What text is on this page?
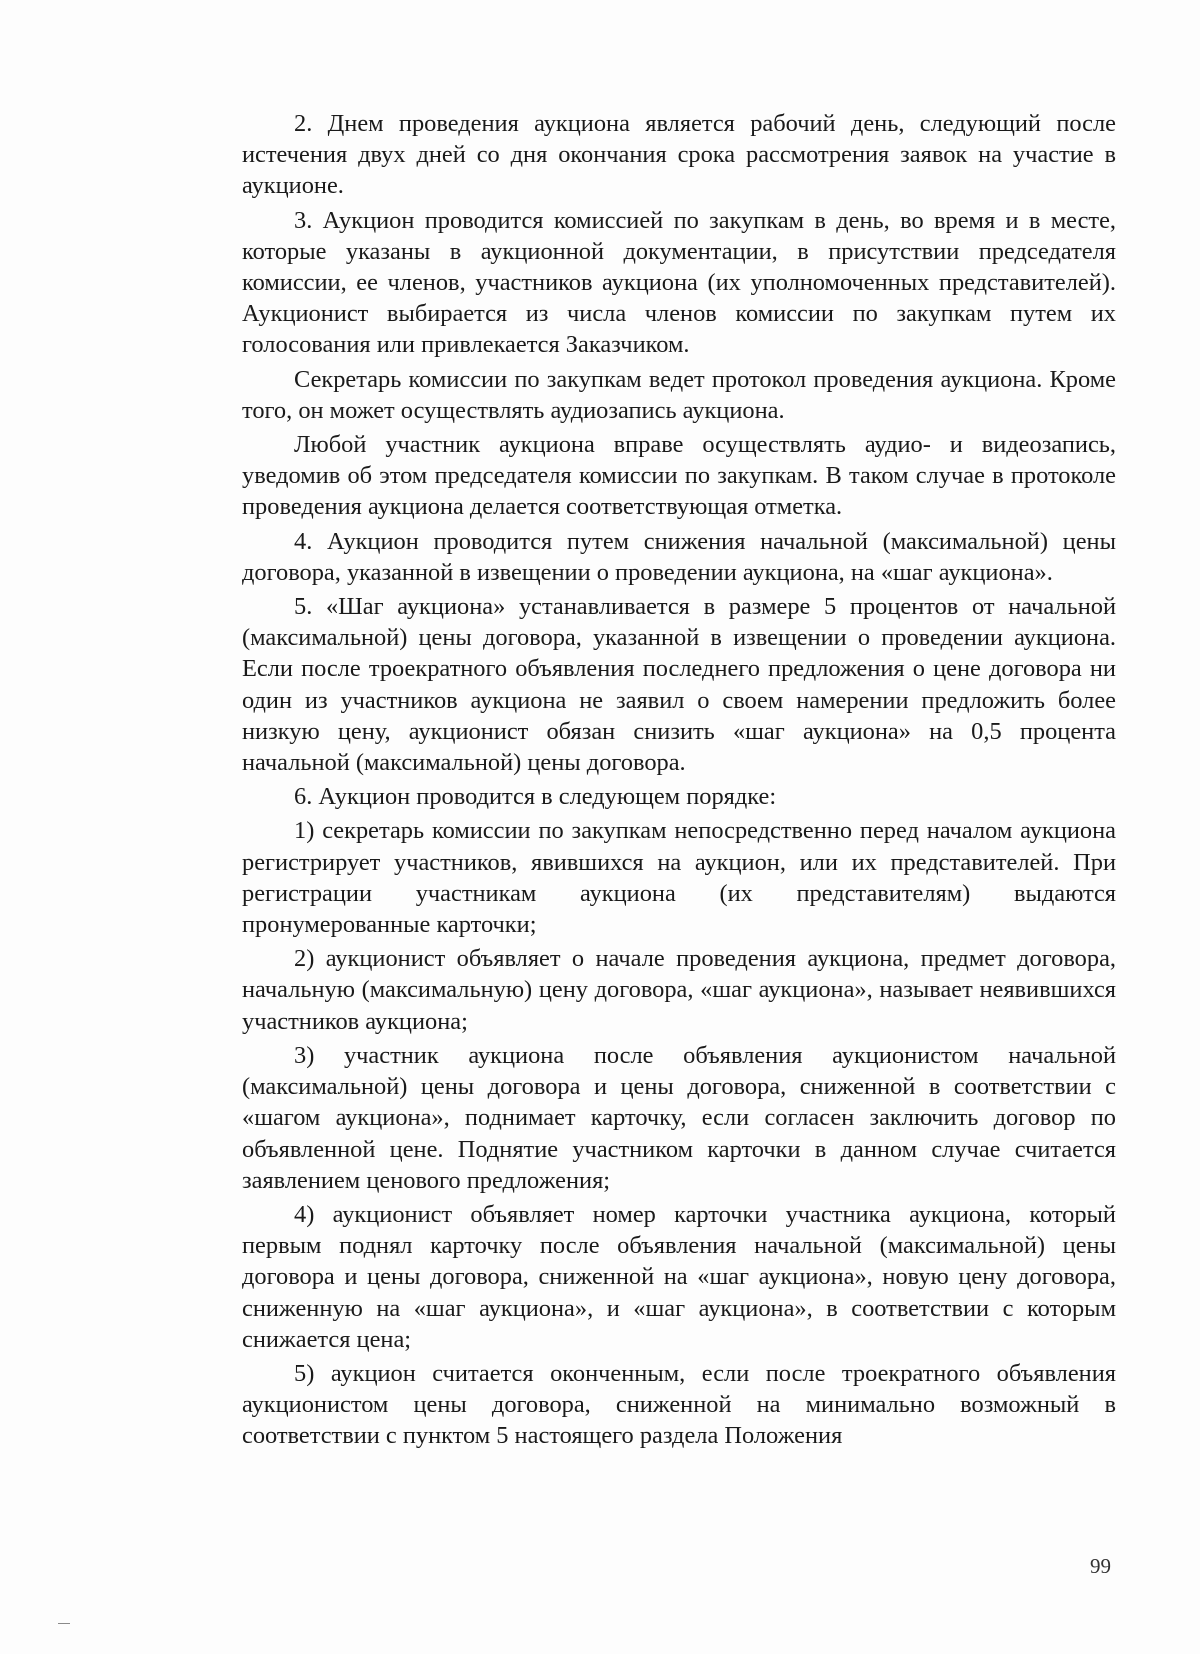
2. Днем проведения аукциона является рабочий день, следующий после истечения двух дней со дня окончания срока рассмотрения заявок на участие в аукционе.

3. Аукцион проводится комиссией по закупкам в день, во время и в месте, которые указаны в аукционной документации, в присутствии председателя комиссии, ее членов, участников аукциона (их уполномоченных представителей). Аукционист выбирается из числа членов комиссии по закупкам путем их голосования или привлекается Заказчиком.

Секретарь комиссии по закупкам ведет протокол проведения аукциона. Кроме того, он может осуществлять аудиозапись аукциона.

Любой участник аукциона вправе осуществлять аудио- и видеозапись, уведомив об этом председателя комиссии по закупкам. В таком случае в протоколе проведения аукциона делается соответствующая отметка.

4. Аукцион проводится путем снижения начальной (максимальной) цены договора, указанной в извещении о проведении аукциона, на «шаг аукциона».

5. «Шаг аукциона» устанавливается в размере 5 процентов от начальной (максимальной) цены договора, указанной в извещении о проведении аукциона. Если после троекратного объявления последнего предложения о цене договора ни один из участников аукциона не заявил о своем намерении предложить более низкую цену, аукционист обязан снизить «шаг аукциона» на 0,5 процента начальной (максимальной) цены договора.

6. Аукцион проводится в следующем порядке:

1) секретарь комиссии по закупкам непосредственно перед началом аукциона регистрирует участников, явившихся на аукцион, или их представителей. При регистрации участникам аукциона (их представителям) выдаются пронумерованные карточки;

2) аукционист объявляет о начале проведения аукциона, предмет договора, начальную (максимальную) цену договора, «шаг аукциона», называет неявившихся участников аукциона;

3) участник аукциона после объявления аукционистом начальной (максимальной) цены договора и цены договора, сниженной в соответствии с «шагом аукциона», поднимает карточку, если согласен заключить договор по объявленной цене. Поднятие участником карточки в данном случае считается заявлением ценового предложения;

4) аукционист объявляет номер карточки участника аукциона, который первым поднял карточку после объявления начальной (максимальной) цены договора и цены договора, сниженной на «шаг аукциона», новую цену договора, сниженную на «шаг аукциона», и «шаг аукциона», в соответствии с которым снижается цена;

5) аукцион считается оконченным, если после троекратного объявления аукционистом цены договора, сниженной на минимально возможный в соответствии с пунктом 5 настоящего раздела Положения

99
